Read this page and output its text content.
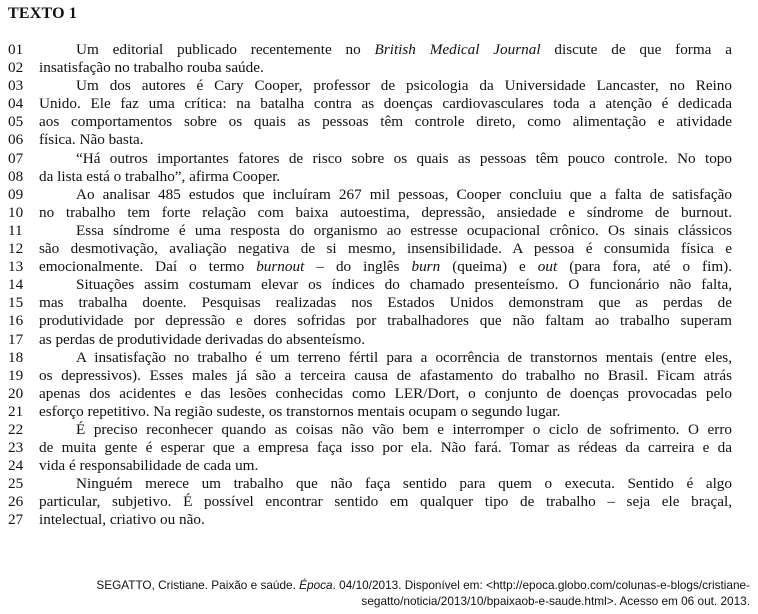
TEXTO 1
01	Um editorial publicado recentemente no British Medical Journal discute de que forma a
02	insatisfação no trabalho rouba saúde.
03	Um dos autores é Cary Cooper, professor de psicologia da Universidade Lancaster, no Reino
04	Unido. Ele faz uma crítica: na batalha contra as doenças cardiovasculares toda a atenção é dedicada
05	aos comportamentos sobre os quais as pessoas têm controle direto, como alimentação e atividade
06	física. Não basta.
07	“Há outros importantes fatores de risco sobre os quais as pessoas têm pouco controle. No topo
08	da lista está o trabalho”, afirma Cooper.
09	Ao analisar 485 estudos que incluíram 267 mil pessoas, Cooper concluiu que a falta de satisfação
10	no trabalho tem forte relação com baixa autoestima, depressão, ansiedade e síndrome de burnout.
11	Essa síndrome é uma resposta do organismo ao estresse ocupacional crônico. Os sinais clássicos
12	são desmotivação, avaliação negativa de si mesmo, insensibilidade. A pessoa é consumida física e
13	emocionalmente. Daí o termo burnout – do inglês burn (queima) e out (para fora, até o fim).
14	Situações assim costumam elevar os índices do chamado presenteísmo. O funcionário não falta,
15	mas trabalha doente. Pesquisas realizadas nos Estados Unidos demonstram que as perdas de
16	produtividade por depressão e dores sofridas por trabalhadores que não faltam ao trabalho superam
17	as perdas de produtividade derivadas do absenteísmo.
18	A insatisfação no trabalho é um terreno fértil para a ocorrência de transtornos mentais (entre eles,
19	os depressivos). Esses males já são a terceira causa de afastamento do trabalho no Brasil. Ficam atrás
20	apenas dos acidentes e das lesões conhecidas como LER/Dort, o conjunto de doenças provocadas pelo
21	esforço repetitivo. Na região sudeste, os transtornos mentais ocupam o segundo lugar.
22	É preciso reconhecer quando as coisas não vão bem e interromper o ciclo de sofrimento. O erro
23	de muita gente é esperar que a empresa faça isso por ela. Não fará. Tomar as rédeas da carreira e da
24	vida é responsabilidade de cada um.
25	Ninguém merece um trabalho que não faça sentido para quem o executa. Sentido é algo
26	particular, subjetivo. É possível encontrar sentido em qualquer tipo de trabalho – seja ele braçal,
27	intelectual, criativo ou não.
SEGATTO, Cristiane. Paixão e saúde. Época. 04/10/2013. Disponível em: <http://epoca.globo.com/colunas-e-blogs/cristiane-
segatto/noticia/2013/10/bpaixaob-e-saude.html>. Acesso em 06 out. 2013.
